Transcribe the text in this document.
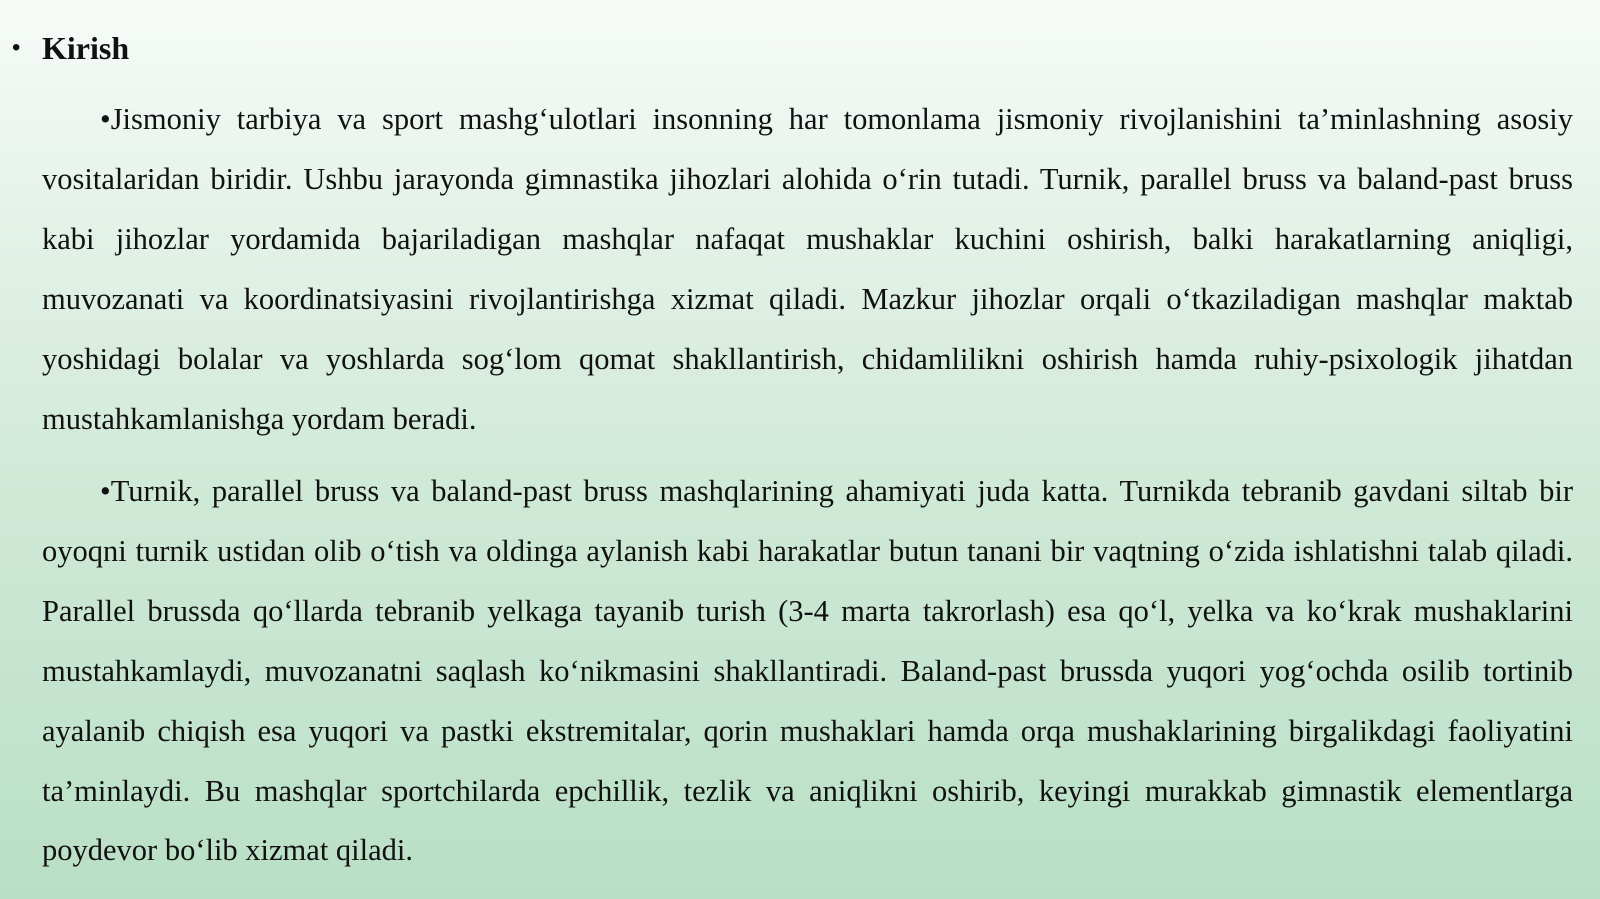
• Kirish

•Jismoniy tarbiya va sport mashg‘ulotlari insonning har tomonlama jismoniy rivojlanishini ta’minlashning asosiy vositalaridan biridir. Ushbu jarayonda gimnastika jihozlari alohida o‘rin tutadi. Turnik, parallel bruss va baland-past bruss kabi jihozlar yordamida bajariladigan mashqlar nafaqat mushaklar kuchini oshirish, balki harakatlarning aniqligi, muvozanati va koordinatsiyasini rivojlantirishga xizmat qiladi. Mazkur jihozlar orqali o‘tkaziladigan mashqlar maktab yoshidagi bolalar va yoshlarda sog‘lom qomat shakllantirish, chidamlilikni oshirish hamda ruhiy-psixologik jihatdan mustahkamlanishga yordam beradi.

•Turnik, parallel bruss va baland-past bruss mashqlarining ahamiyati juda katta. Turnikda tebranib gavdani siltab bir oyoqni turnik ustidan olib o‘tish va oldinga aylanish kabi harakatlar butun tanani bir vaqtning o‘zida ishlatishni talab qiladi. Parallel brussda qo‘llarda tebranib yelkaga tayanib turish (3-4 marta takrorlash) esa qo‘l, yelka va ko‘krak mushaklarini mustahkamlaydi, muvozanatni saqlash ko‘nikmasini shakllantiradi. Baland-past brussda yuqori yog‘ochda osilib tortinib ayalanib chiqish esa yuqori va pastki ekstremitalar, qorin mushaklari hamda orqa mushaklarining birgalikdagi faoliyatini ta’minlaydi. Bu mashqlar sportchilarda epchillik, tezlik va aniqlikni oshirib, keyingi murakkab gimnastik elementlarga poydevor bo‘lib xizmat qiladi.
